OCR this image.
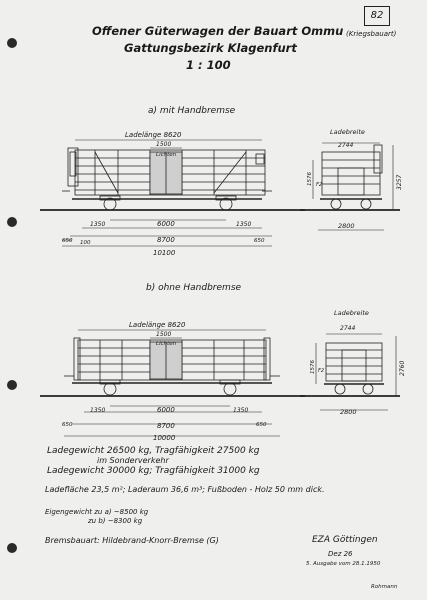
82
Offener Güterwagen der Bauart Ommu (Kriegsbauart)
Gattungsbezirk Klagenfurt
1 : 100
a) mit Handbremse
b) ohne Handbremse
Ladelänge 8620
1500
Lichten
1350	1350
6000
8700
10100
650 100	650
Ladebreite
2744
2800
1576	3257
F2
Ladelänge 8620
1500
Lichten
1350	1350
6000
8700
10000
650	650
Ladebreite
2744
2800
1576	2760
F2
Ladegewicht 26500 kg, Tragfähigkeit 27500 kg
im Sonderverkehr
Ladegewicht 30000 kg; Tragfähigkeit 31000 kg
Ladefläche 23,5 m²; Laderaum 36,6 m³; Fußboden - Holz 50 mm dick.
Eigengewicht zu a) ~8500 kg
zu b) ~8300 kg
Bremsbauart: Hildebrand-Knorr-Bremse (G)	EZA Göttingen
Dez 26
5. Ausgabe vom 28.1.1950
Rohmann
